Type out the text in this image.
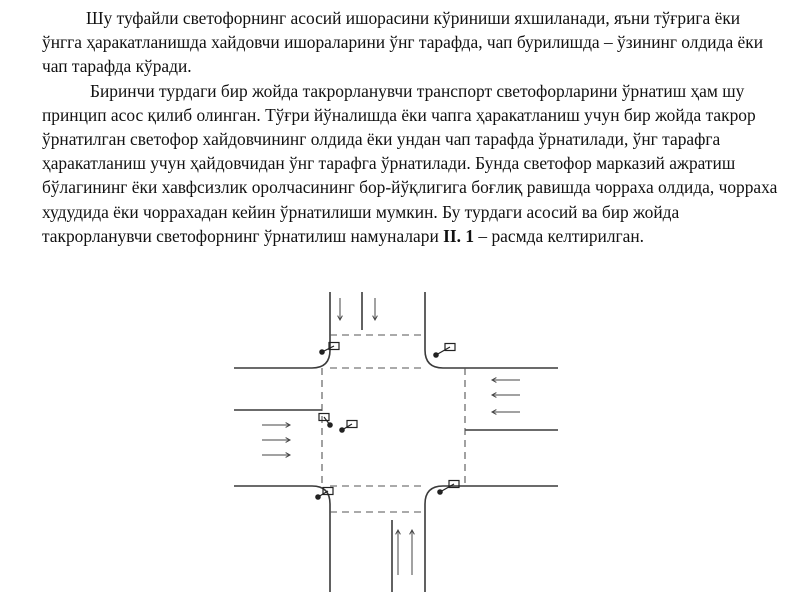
Шу туфайли светофорнинг асосий ишорасини кўриниши яхшиланади, яъни тўғрига ёки ўнгга ҳаракатланишда хайдовчи ишораларини ўнг тарафда, чап бурилишда – ўзининг олдида ёки чап тарафда кўради.

Биринчи турдаги бир жойда такрорланувчи транспорт светофорларини ўрнатиш ҳам шу принцип асос қилиб олинган. Тўғри йўналишда ёки чапга ҳаракатланиш учун бир жойда такрор ўрнатилган светофор хайдовчининг олдида ёки ундан чап тарафда ўрнатилади, ўнг тарафга ҳаракатланиш учун ҳайдовчидан ўнг тарафга ўрнатилади. Бунда светофор марказий ажратиш бўлагининг ёки хавфсизлик оролчасининг бор-йўқлигига боғлиқ равишда чорраха олдида, чорраха худудида ёки чоррахадан кейин ўрнатилиши мумкин. Бу турдаги асосий ва бир жойда такрорланувчи светофорнинг ўрнатилиш намуналари II. 1 – расмда келтирилган.
